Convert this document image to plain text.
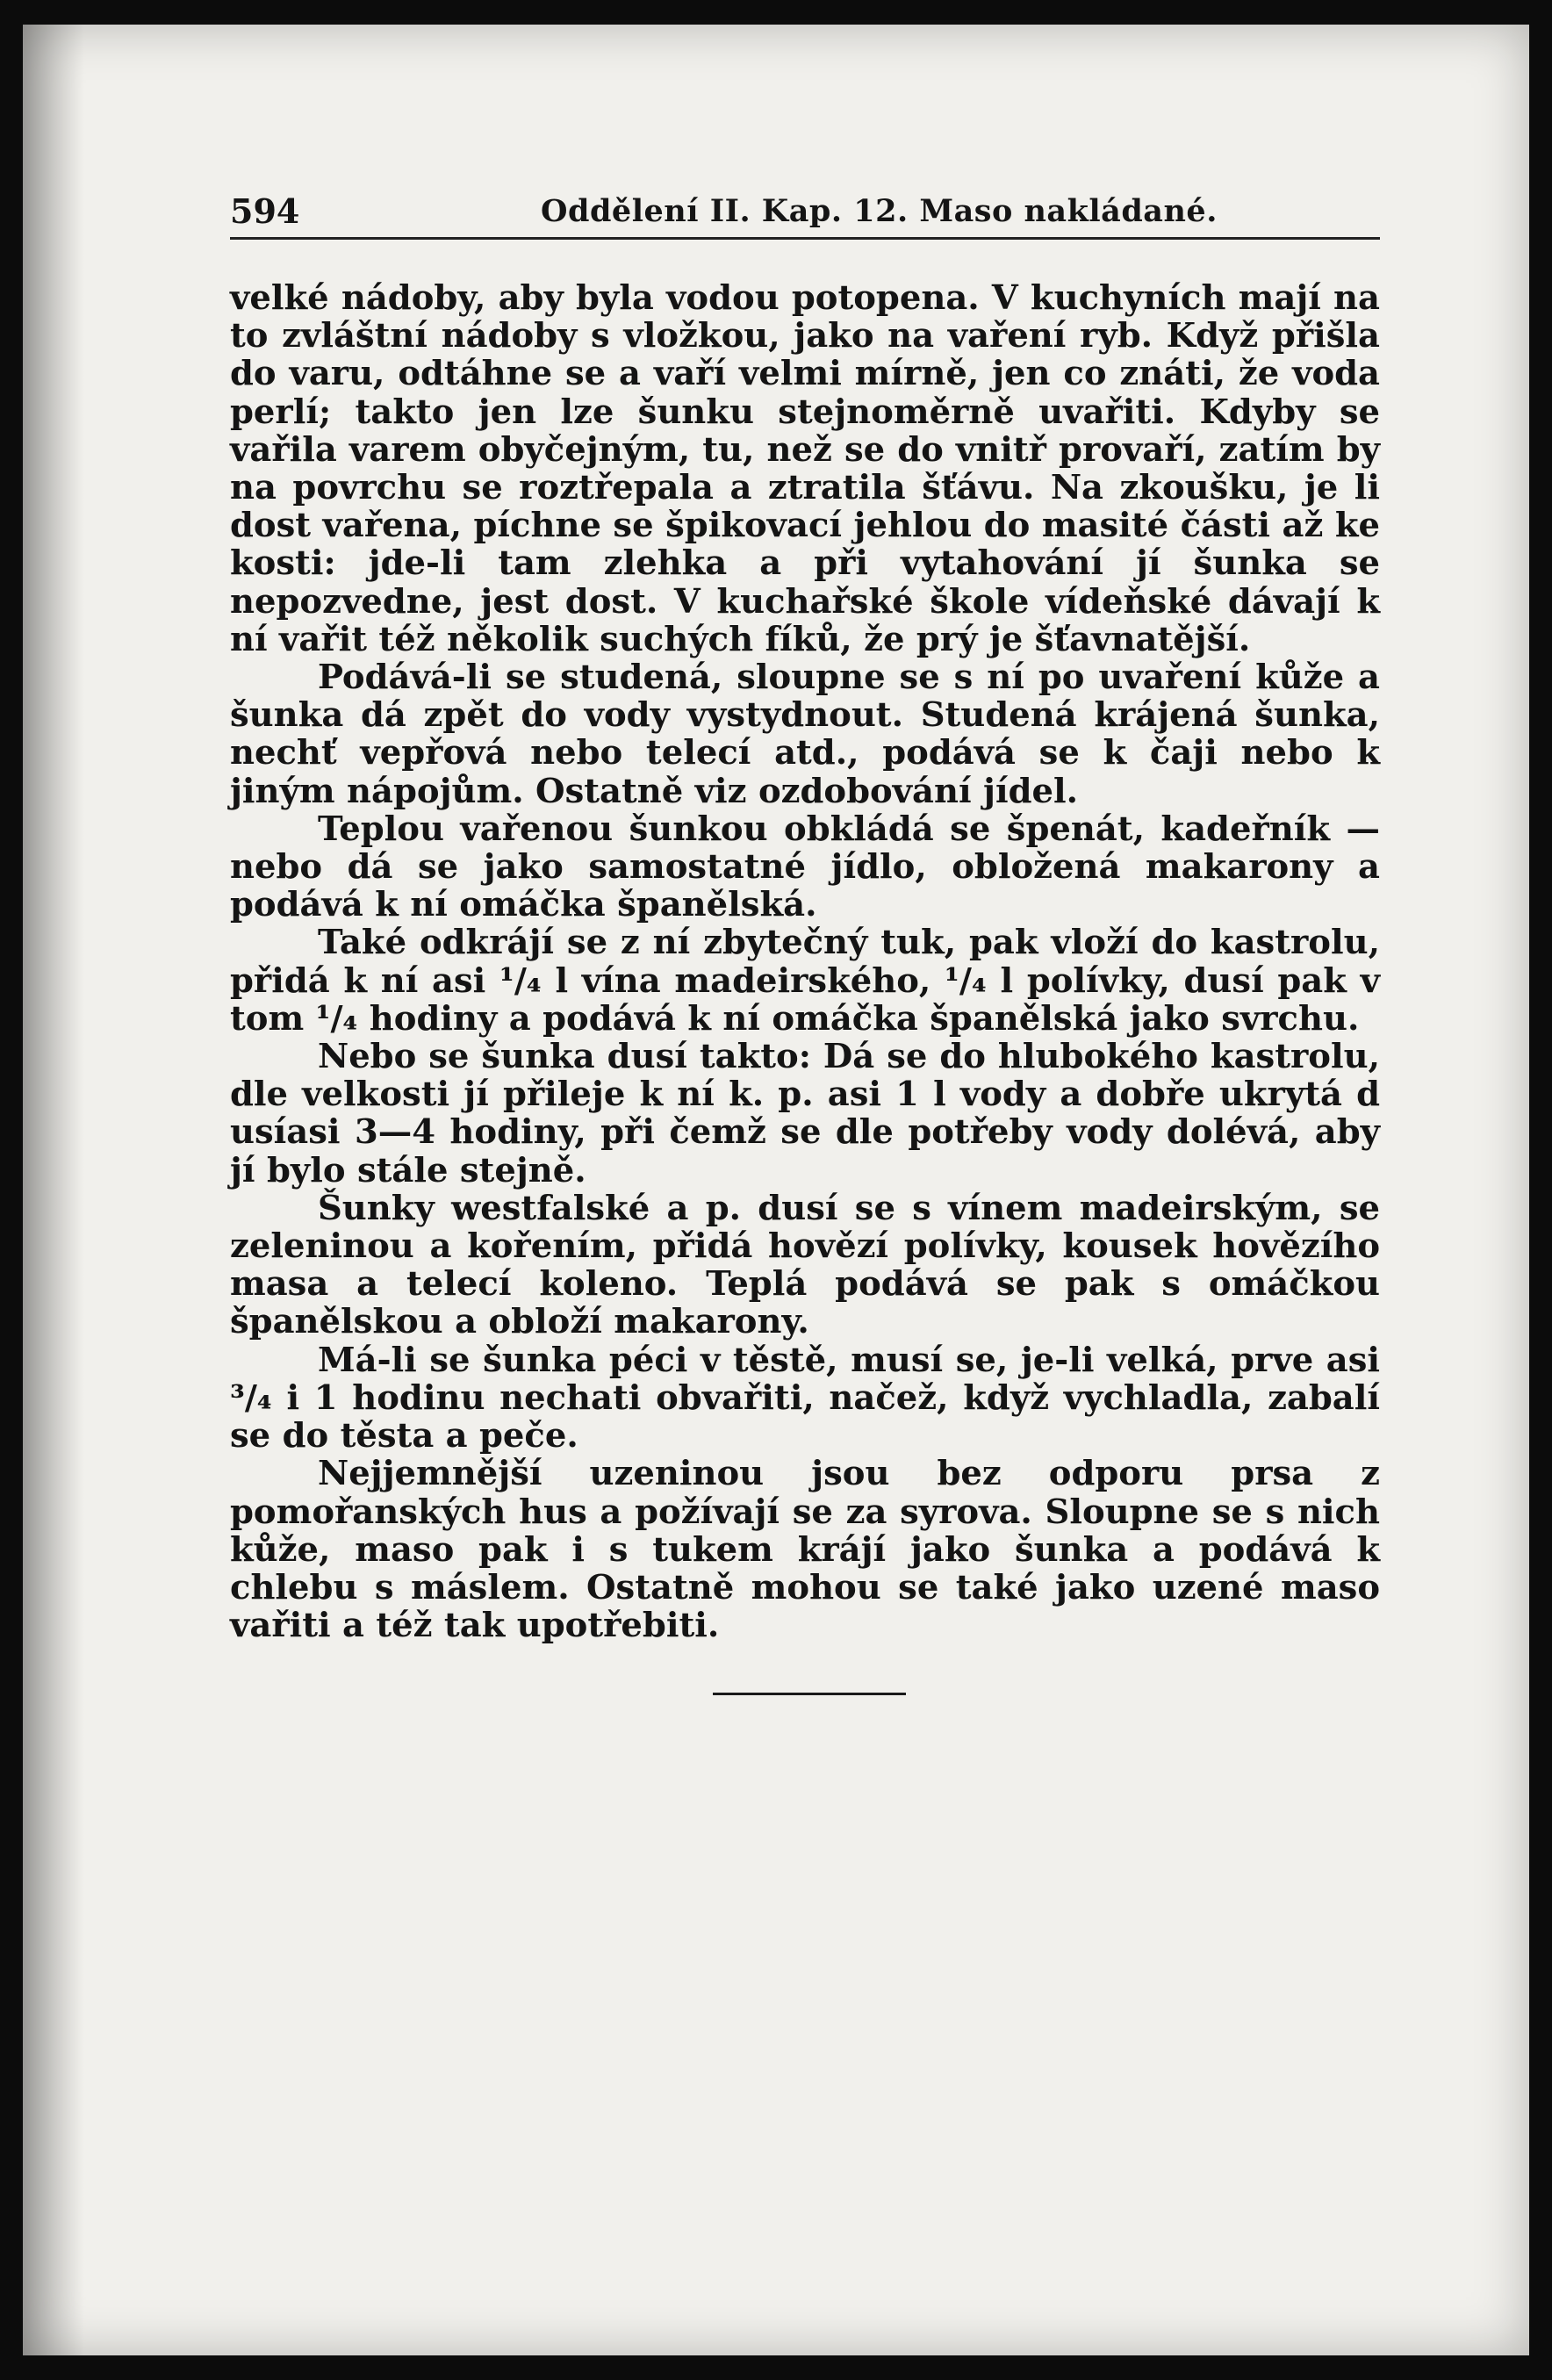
594	Oddělení II. Kap. 12. Maso nakládané.

velké nádoby, aby byla vodou potopena. V kuchyních mají na to zvláštní nádoby s vložkou, jako na vaření ryb. Když přišla do varu, odtáhne se a vaří velmi mírně, jen co znáti, že voda perlí; takto jen lze šunku stejnoměrně uvařiti. Kdyby se vařila varem obyčejným, tu, než se do vnitř provaří, zatím by na povrchu se roztřepala a ztratila šťávu. Na zkoušku, je li dost vařena, píchne se špikovací jehlou do masité části až ke kosti: jde-li tam zlehka a při vytahování jí šunka se nepozvedne, jest dost. V kuchařské škole vídeňské dávají k ní vařit též několik suchých fíků, že prý je šťavnatější.

Podává-li se studená, sloupne se s ní po uvaření kůže a šunka dá zpět do vody vystydnout. Studená krájená šunka, nechť vepřová nebo telecí atd., podává se k čaji nebo k jiným nápojům. Ostatně viz ozdobování jídel.

Teplou vařenou šunkou obkládá se špenát, kadeřník — nebo dá se jako samostatné jídlo, obložená makarony a podává k ní omáčka španělská.

Také odkrájí se z ní zbytečný tuk, pak vloží do kastrolu, přidá k ní asi ¹/₄ l vína madeirského, ¹/₄ l polívky, dusí pak v tom ¹/₄ hodiny a podává k ní omáčka španělská jako svrchu.

Nebo se šunka dusí takto: Dá se do hlubokého kastrolu, dle velkosti jí přileje k ní k. p. asi 1 l vody a dobře ukrytá d usíasi 3—4 hodiny, při čemž se dle potřeby vody dolévá, aby jí bylo stále stejně.

Šunky westfalské a p. dusí se s vínem madeirským, se zeleninou a kořením, přidá hovězí polívky, kousek hovězího masa a telecí koleno. Teplá podává se pak s omáčkou španělskou a obloží makarony.

Má-li se šunka péci v těstě, musí se, je-li velká, prve asi ³/₄ i 1 hodinu nechati obvařiti, načež, když vychladla, zabalí se do těsta a peče.

Nejjemnější uzeninou jsou bez odporu prsa z pomořanských hus a požívají se za syrova. Sloupne se s nich kůže, maso pak i s tukem krájí jako šunka a podává k chlebu s máslem. Ostatně mohou se také jako uzené maso vařiti a též tak upotřebiti.
